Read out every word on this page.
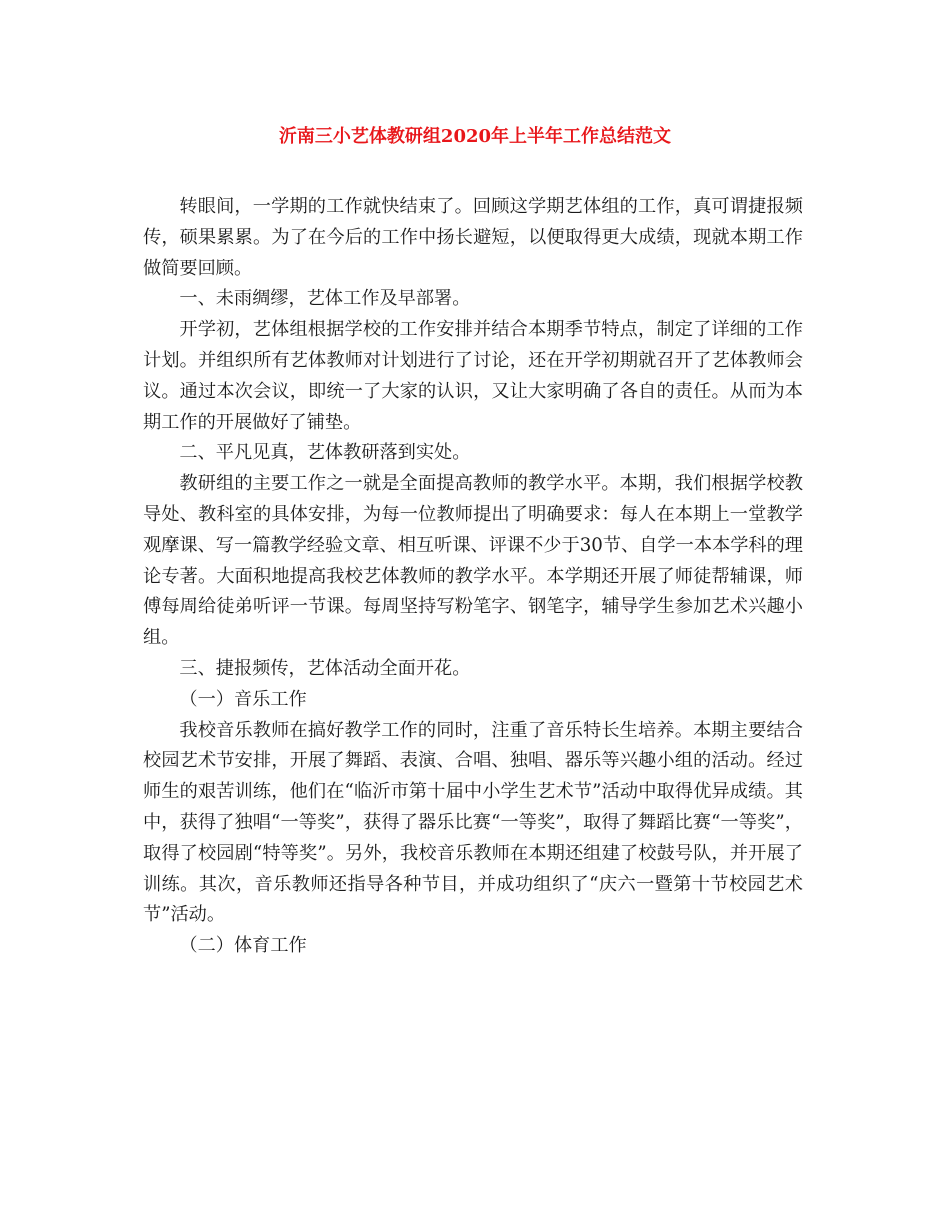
沂南三小艺体教研组2020年上半年工作总结范文

转眼间，一学期的工作就快结束了。回顾这学期艺体组的工作，真可谓捷报频传，硕果累累。为了在今后的工作中扬长避短，以便取得更大成绩，现就本期工作做简要回顾。

一、未雨绸缪，艺体工作及早部署。

开学初，艺体组根据学校的工作安排并结合本期季节特点，制定了详细的工作计划。并组织所有艺体教师对计划进行了讨论，还在开学初期就召开了艺体教师会议。通过本次会议，即统一了大家的认识，又让大家明确了各自的责任。从而为本期工作的开展做好了铺垫。

二、平凡见真，艺体教研落到实处。

教研组的主要工作之一就是全面提高教师的教学水平。本期，我们根据学校教导处、教科室的具体安排，为每一位教师提出了明确要求：每人在本期上一堂教学观摩课、写一篇教学经验文章、相互听课、评课不少于30节、自学一本本学科的理论专著。大面积地提高我校艺体教师的教学水平。本学期还开展了师徒帮辅课，师傅每周给徒弟听评一节课。每周坚持写粉笔字、钢笔字，辅导学生参加艺术兴趣小组。

三、捷报频传，艺体活动全面开花。

（一）音乐工作

我校音乐教师在搞好教学工作的同时，注重了音乐特长生培养。本期主要结合校园艺术节安排，开展了舞蹈、表演、合唱、独唱、器乐等兴趣小组的活动。经过师生的艰苦训练，他们在“临沂市第十届中小学生艺术节”活动中取得优异成绩。其中，获得了独唱“一等奖”，获得了器乐比赛“一等奖”，取得了舞蹈比赛“一等奖”，取得了校园剧“特等奖”。另外，我校音乐教师在本期还组建了校鼓号队，并开展了训练。其次，音乐教师还指导各种节目，并成功组织了“庆六一暨第十节校园艺术节”活动。

（二）体育工作
